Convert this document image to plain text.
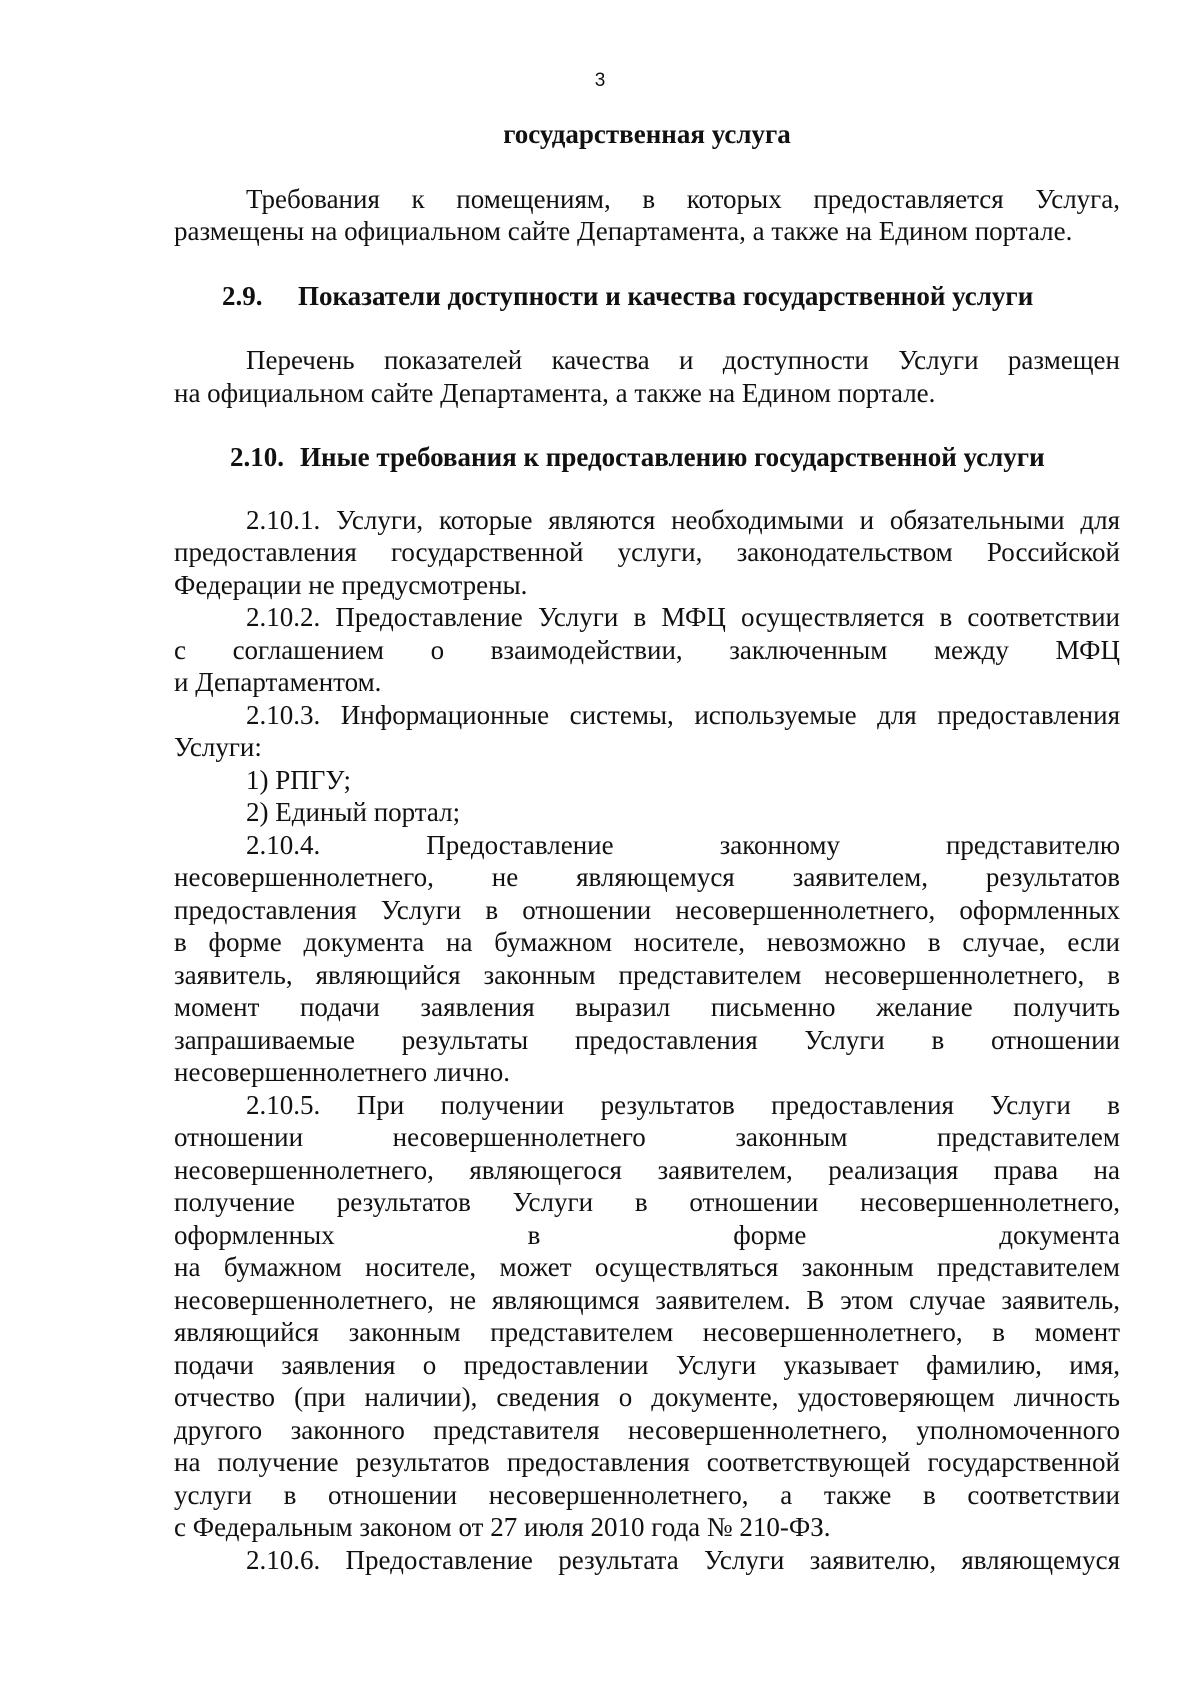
3

государственная услуга

Требования к помещениям, в которых предоставляется Услуга,

размещены на официальном сайте Департамента, а также на Едином портале.

2.9. Показатели доступности и качества государственной услуги

Перечень показателей качества и доступности Услуги размещен

на официальном сайте Департамента, а также на Едином портале.

2.10. Иные требования к предоставлению государственной услуги

2.10.1. Услуги, которые являются необходимыми и обязательными для

предоставления государственной услуги, законодательством Российской

Федерации не предусмотрены.

2.10.2. Предоставление Услуги в МФЦ осуществляется в соответствии

с соглашением о взаимодействии, заключенным между МФЦ

и Департаментом.

2.10.3. Информационные системы, используемые для предоставления

Услуги:

1) РПГУ;

2) Единый портал;

2.10.4.	Предоставление	законному	представителю

несовершеннолетнего, не являющемуся заявителем, результатов

предоставления Услуги в отношении несовершеннолетнего, оформленных

в форме документа на бумажном носителе, невозможно в случае, если

заявитель, являющийся законным представителем несовершеннолетнего, в

момент подачи заявления выразил письменно желание получить

запрашиваемые результаты предоставления Услуги в отношении

несовершеннолетнего лично.

2.10.5. При получении результатов предоставления Услуги в

отношении несовершеннолетнего законным представителем

несовершеннолетнего, являющегося заявителем, реализация права на

получение результатов Услуги в отношении несовершеннолетнего,

оформленных	в	форме	документа

на бумажном носителе, может осуществляться законным представителем

несовершеннолетнего, не являющимся заявителем. В этом случае заявитель,

являющийся законным представителем несовершеннолетнего, в момент

подачи заявления о предоставлении Услуги указывает фамилию, имя,

отчество (при наличии), сведения о документе, удостоверяющем личность

другого законного представителя несовершеннолетнего, уполномоченного

на получение результатов предоставления соответствующей государственной

услуги в отношении несовершеннолетнего, а также в соответствии

с Федеральным законом от 27 июля 2010 года № 210-ФЗ.

2.10.6. Предоставление результата Услуги заявителю, являющемуся
